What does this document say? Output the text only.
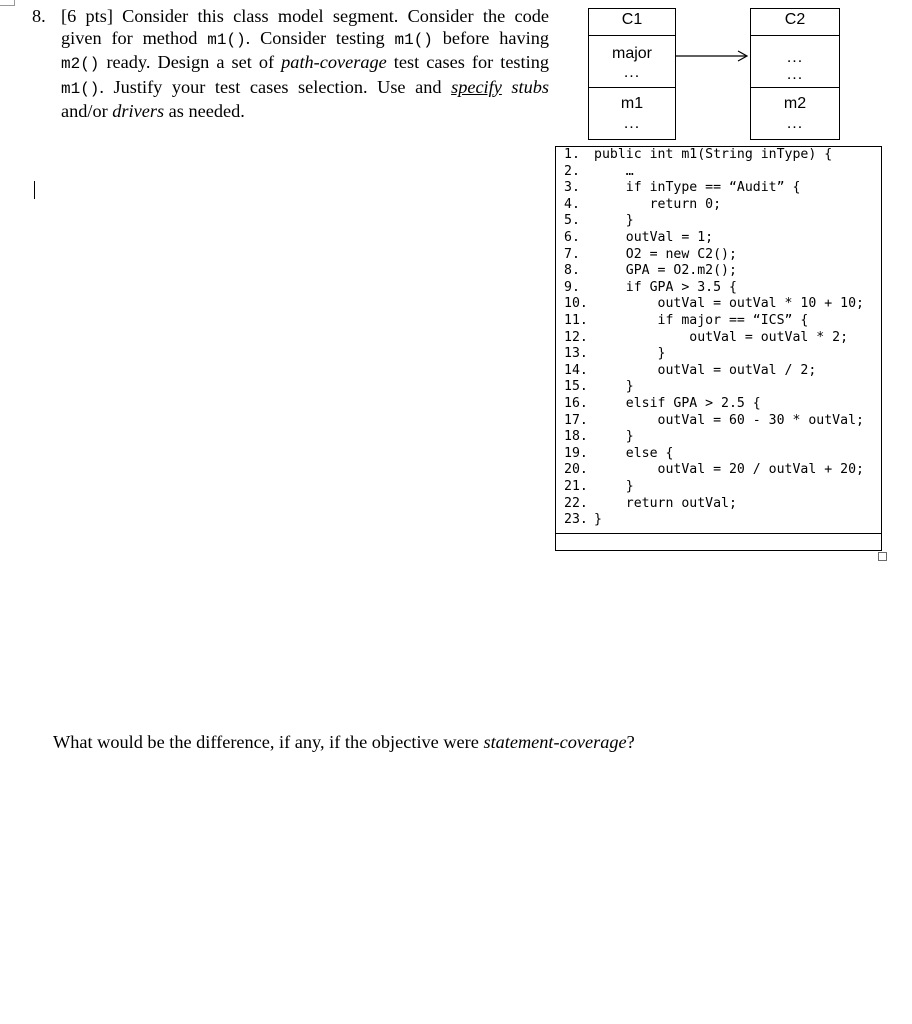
8. [6 pts] Consider this class model segment. Consider the code given for method m1(). Consider testing m1() before having m2() ready. Design a set of path-coverage test cases for testing m1(). Justify your test cases selection. Use and specify stubs and/or drivers as needed.
C1
major
...
m1
...
C2
...
...
m2
...
1. public int m1(String inType) {
2. …
3. if inType == “Audit” {
4. return 0;
5. }
6. outVal = 1;
7. O2 = new C2();
8. GPA = O2.m2();
9. if GPA > 3.5 {
10. outVal = outVal * 10 + 10;
11. if major == “ICS” {
12. outVal = outVal * 2;
13. }
14. outVal = outVal / 2;
15. }
16. elsif GPA > 2.5 {
17. outVal = 60 - 30 * outVal;
18. }
19. else {
20. outVal = 20 / outVal + 20;
21. }
22. return outVal;
23. }
What would be the difference, if any, if the objective were statement-coverage?
